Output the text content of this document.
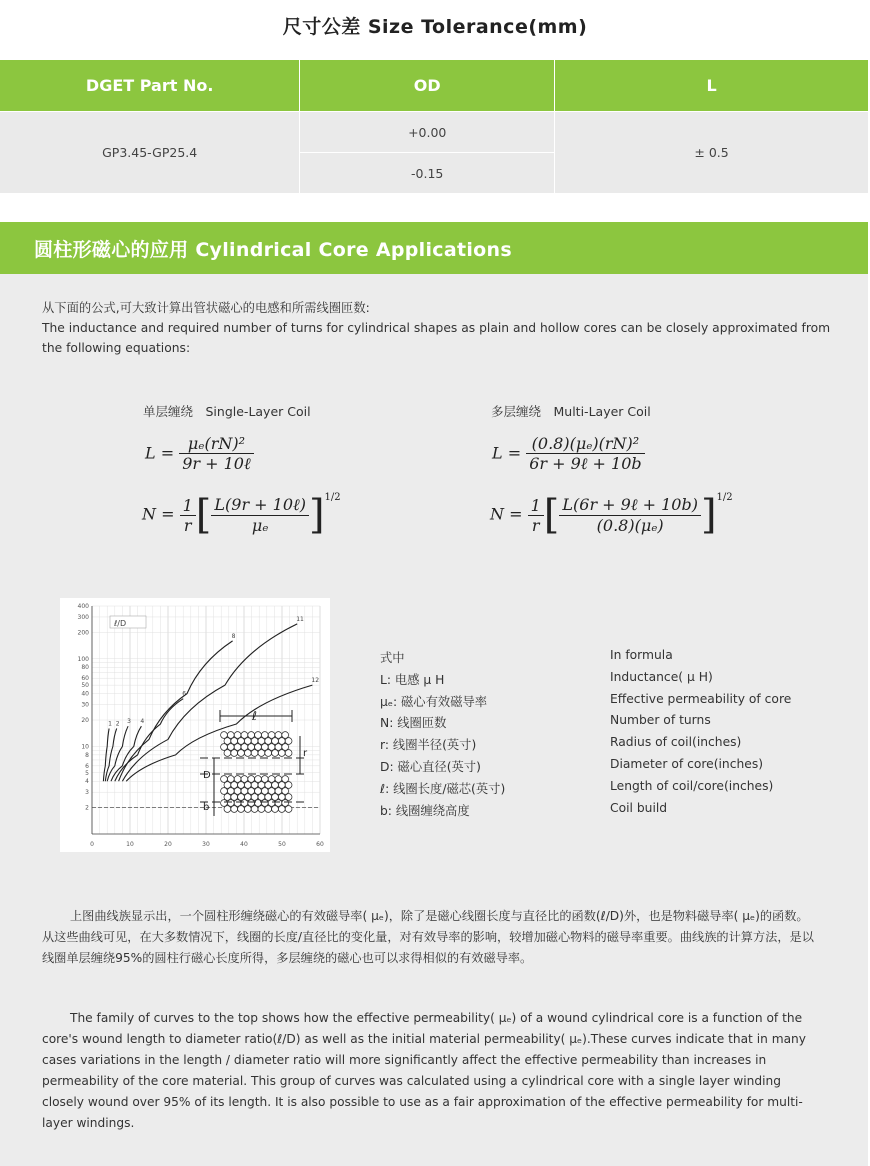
尺寸公差 Size Tolerance(mm)
DGET Part No.	OD	L
GP3.45-GP25.4	+0.00	± 0.5
	-0.15	
圆柱形磁心的应用 Cylindrical Core Applications
从下面的公式,可大致计算出管状磁心的电感和所需线圈匝数:
The inductance and required number of turns for cylindrical shapes as plain and hollow cores can be closely approximated from the following equations:
单层缠绕　Single-Layer Coil
$L = \frac{\text{μₑ(rN)²}}{\text{9r + 10ℓ}}$
$N = \frac{1}{r}$ [ $\frac{\text{L(9r + 10ℓ)}}{\text{μₑ}} ]^{1/2}$
多层缠绕　Multi-Layer Coil
$L = \frac{\text{(0.8)(μₑ)(rN)²}}{\text{6r + 9ℓ + 10b}}$
$N = \frac{1}{r}$ [ $\frac{\text{L(6r + 9ℓ + 10b)}}{\text{(0.8)(μₑ)}} ]^{1/2}$
0	10	20	30	40	50	60
400
300
200
100
80
60
50
40
30
20
10
8
6
5
4
3
2
1 2 3 4
6
8
11
12
ℓ/D
ℓ
D
r
b
式中	In formula
L: 电感 μ H	Inductance( μ H)
μₑ: 磁心有效磁导率	Effective permeability of core
N: 线圈匝数	Number of turns
r: 线圈半径(英寸)	Radius of coil(inches)
D: 磁心直径(英寸)	Diameter of core(inches)
ℓ: 线圈长度/磁芯(英寸)	Length of coil/core(inches)
b: 线圈缠绕高度	Coil build
上图曲线族显示出，一个圆柱形缠绕磁心的有效磁导率( μₑ)，除了是磁心线圈长度与直径比的函数(ℓ/D)外，也是物料磁导率( μₑ)的函数。从这些曲线可见，在大多数情况下，线圈的长度/直径比的变化量，对有效导率的影响，较增加磁心物料的磁导率重要。曲线族的计算方法，是以线圈单层缠绕95%的圆柱行磁心长度所得，多层缠绕的磁心也可以求得相似的有效磁导率。
The family of curves to the top shows how the effective permeability( μₑ) of a wound cylindrical core is a function of the core's wound length to diameter ratio(ℓ/D) as well as the initial material permeability( μₑ).These curves indicate that in many cases variations in the length / diameter ratio will more significantly affect the effective permeability than increases in permeability of the core material. This group of curves was calculated using a cylindrical core with a single layer winding closely wound over 95% of its length. It is also possible to use as a fair approximation of the effective permeability for multi-layer windings.
